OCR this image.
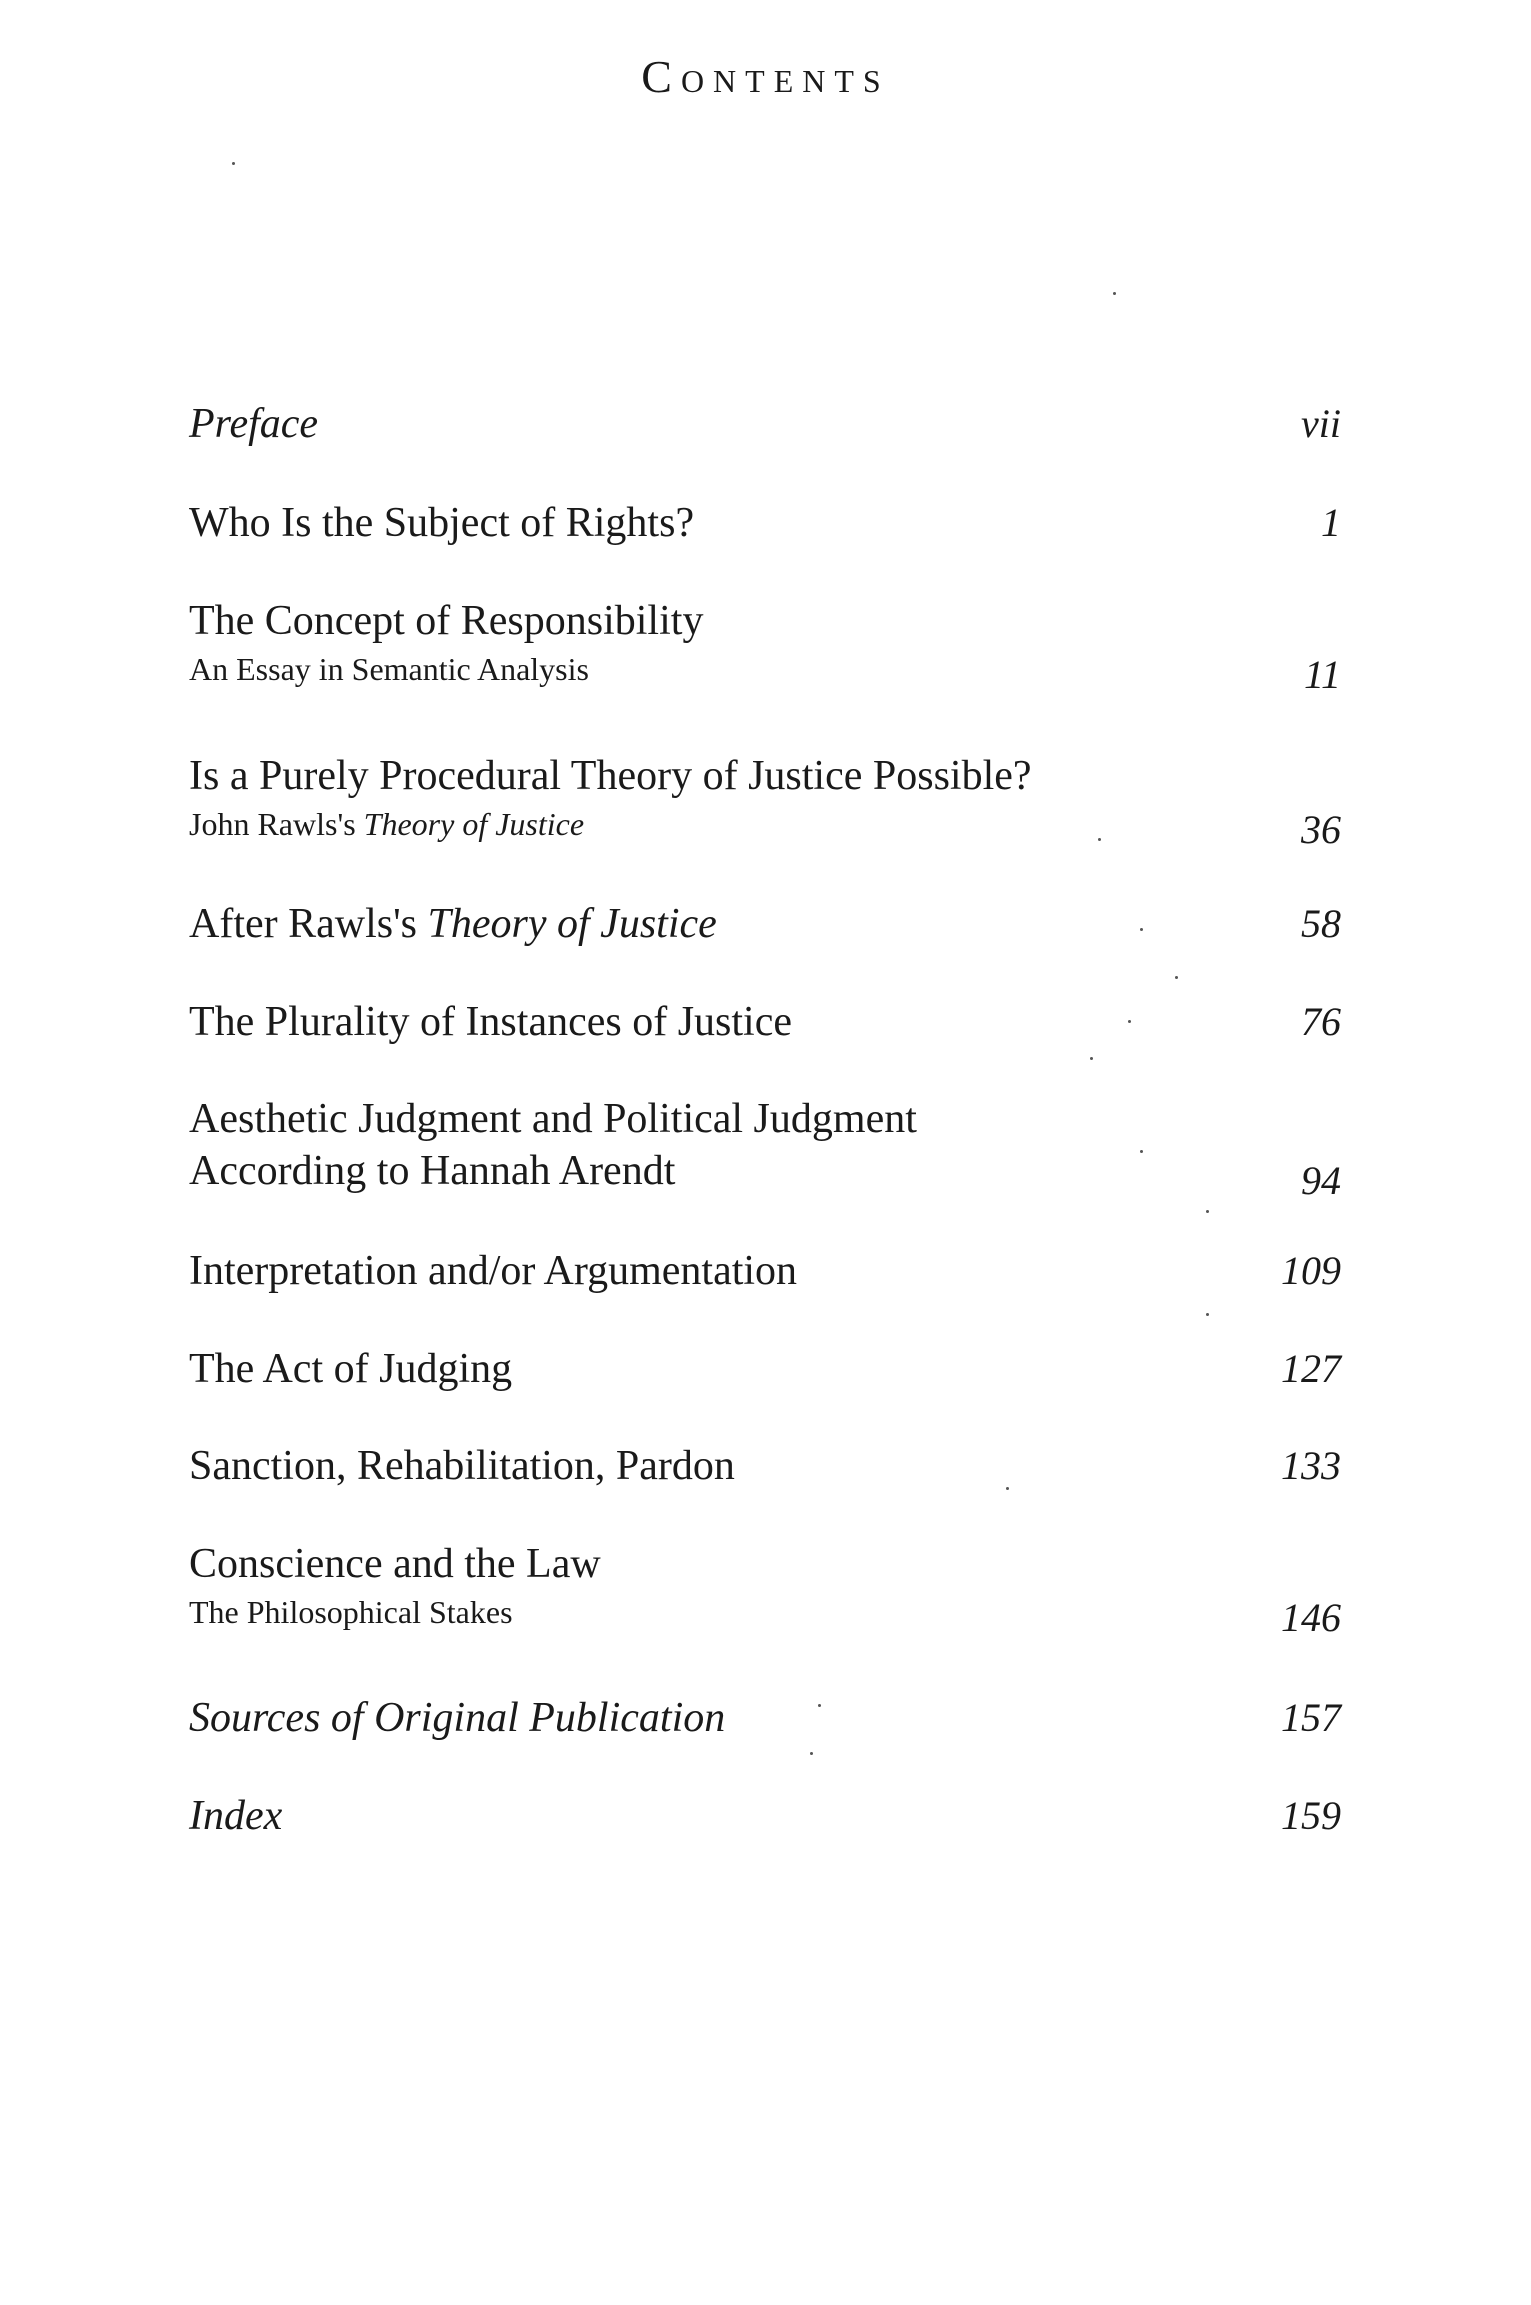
Contents
Preface	vii
Who Is the Subject of Rights?	1
The Concept of Responsibility
An Essay in Semantic Analysis	11
Is a Purely Procedural Theory of Justice Possible?
John Rawls's Theory of Justice	36
After Rawls's Theory of Justice	58
The Plurality of Instances of Justice	76
Aesthetic Judgment and Political Judgment
According to Hannah Arendt	94
Interpretation and/or Argumentation	109
The Act of Judging	127
Sanction, Rehabilitation, Pardon	133
Conscience and the Law
The Philosophical Stakes	146
Sources of Original Publication	157
Index	159
